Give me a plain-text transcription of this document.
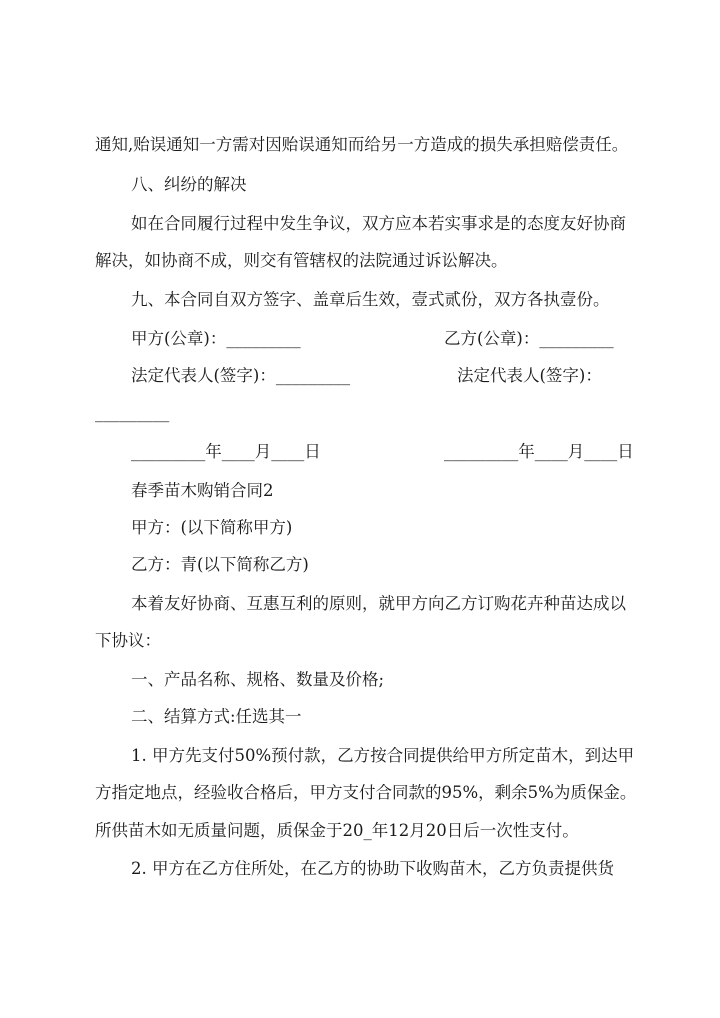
通知,贻误通知一方需对因贻误通知而给另一方造成的损失承担赔偿责任。
八、纠纷的解决
如在合同履行过程中发生争议，双方应本若实事求是的态度友好协商
解决，如协商不成，则交有管辖权的法院通过诉讼解决。
九、本合同自双方签字、盖章后生效，壹式贰份，双方各执壹份。
甲方(公章)：_________	乙方(公章)：_________
法定代表人(签字)：_________	法定代表人(签字)：
_________
_________年____月____日	_________年____月____日
春季苗木购销合同2
甲方：(以下简称甲方)
乙方：青(以下简称乙方)
本着友好协商、互惠互利的原则，就甲方向乙方订购花卉种苗达成以
下协议：
一、产品名称、规格、数量及价格;
二、结算方式:任选其一
1. 甲方先支付50%预付款，乙方按合同提供给甲方所定苗木，到达甲
方指定地点，经验收合格后，甲方支付合同款的95%，剩余5%为质保金。
所供苗木如无质量问题，质保金于20_年12月20日后一次性支付。
2. 甲方在乙方住所处，在乙方的协助下收购苗木，乙方负责提供货
